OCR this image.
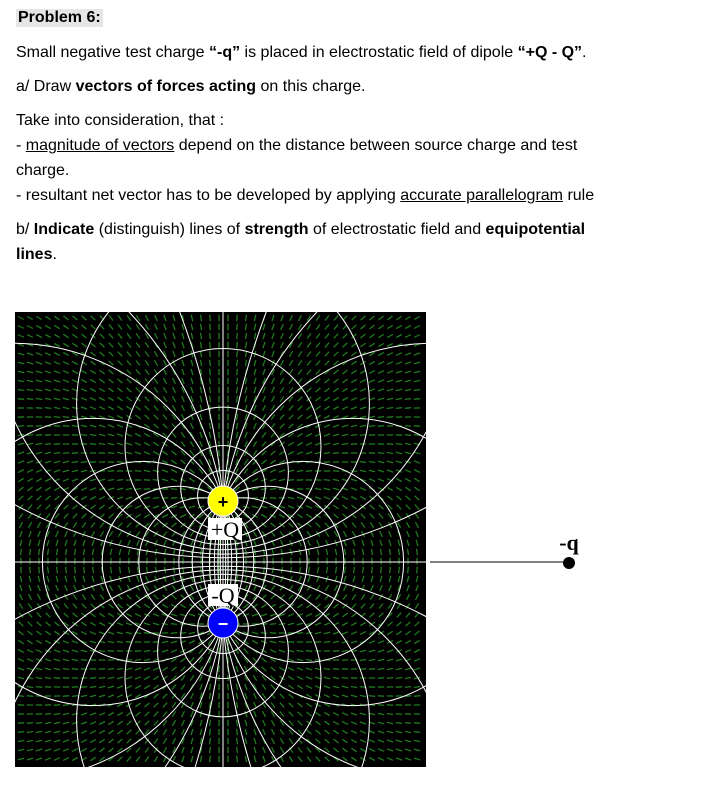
Problem 6:
Small negative test charge “-q” is placed in electrostatic field of dipole “+Q - Q”.
a/ Draw vectors of forces acting on this charge.
Take into consideration, that :
- magnitude of vectors depend on the distance between source charge and test
charge.
- resultant net vector has to be developed by applying accurate parallelogram rule
b/ Indicate (distinguish) lines of strength of electrostatic field and equipotential
lines.
+
+Q
-Q
−
-q
